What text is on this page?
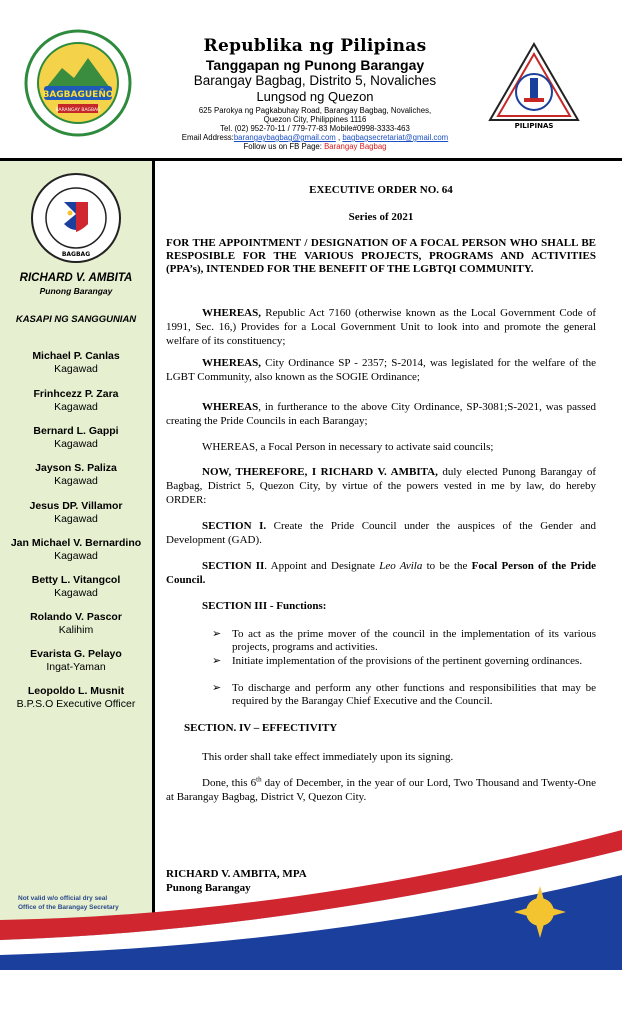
BAGBAGUEÑO
BARANGAY BAGBAG
Republika ng Pilipinas
Tanggapan ng Punong Barangay
Barangay Bagbag, Distrito 5, Novaliches
Lungsod ng Quezon
625 Parokya ng Pagkabuhay Road, Barangay Bagbag, Novaliches,
Quezon City, Philippines 1116
Tel. (02) 952-70-11 / 779-77-83 Mobile#0998-3333-463
Email Address:barangaybagbag@gmail.com , bagbagsecretariat@gmail.com
Follow us on FB Page: Barangay Bagbag
PILIPINAS
BAGBAG
RICHARD V. AMBITA
Punong Barangay
KASAPI NG SANGGUNIAN
Michael P. Canlas
Kagawad
Frinhcezz P. Zara
Kagawad
Bernard L. Gappi
Kagawad
Jayson S. Paliza
Kagawad
Jesus DP. Villamor
Kagawad
Jan Michael V. Bernardino
Kagawad
Betty L. Vitangcol
Kagawad
Rolando V. Pascor
Kalihim
Evarista G. Pelayo
Ingat-Yaman
Leopoldo L. Musnit
B.P.S.O Executive Officer
Not valid w/o official dry seal
Office of the Barangay Secretary
EXECUTIVE ORDER NO. 64
Series of 2021
FOR THE APPOINTMENT / DESIGNATION OF A FOCAL PERSON WHO SHALL BE RESPOSIBLE FOR THE VARIOUS PROJECTS, PROGRAMS AND ACTIVITIES (PPA’s), INTENDED FOR THE BENEFIT OF THE LGBTQI COMMUNITY.
WHEREAS, Republic Act 7160 (otherwise known as the Local Government Code of 1991, Sec. 16,) Provides for a Local Government Unit to look into and promote the general welfare of its constituency;
WHEREAS, City Ordinance SP - 2357; S-2014, was legislated for the welfare of the LGBT Community, also known as the SOGIE Ordinance;
WHEREAS, in furtherance to the above City Ordinance, SP-3081;S-2021, was passed creating the Pride Councils in each Barangay;
WHEREAS, a Focal Person in necessary to activate said councils;
NOW, THEREFORE, I RICHARD V. AMBITA, duly elected Punong Barangay of Bagbag, District 5, Quezon City, by virtue of the powers vested in me by law, do hereby ORDER:
SECTION I. Create the Pride Council under the auspices of the Gender and Development (GAD).
SECTION II. Appoint and Designate Leo Avila to be the Focal Person of the Pride Council.
SECTION III - Functions:
➢ To act as the prime mover of the council in the implementation of its various projects, programs and activities.
➢ Initiate implementation of the provisions of the pertinent governing ordinances.
➢ To discharge and perform any other functions and responsibilities that may be required by the Barangay Chief Executive and the Council.
SECTION. IV – EFFECTIVITY
This order shall take effect immediately upon its signing.
Done, this 6th day of December, in the year of our Lord, Two Thousand and Twenty-One at Barangay Bagbag, District V, Quezon City.
RICHARD V. AMBITA, MPA
Punong Barangay
